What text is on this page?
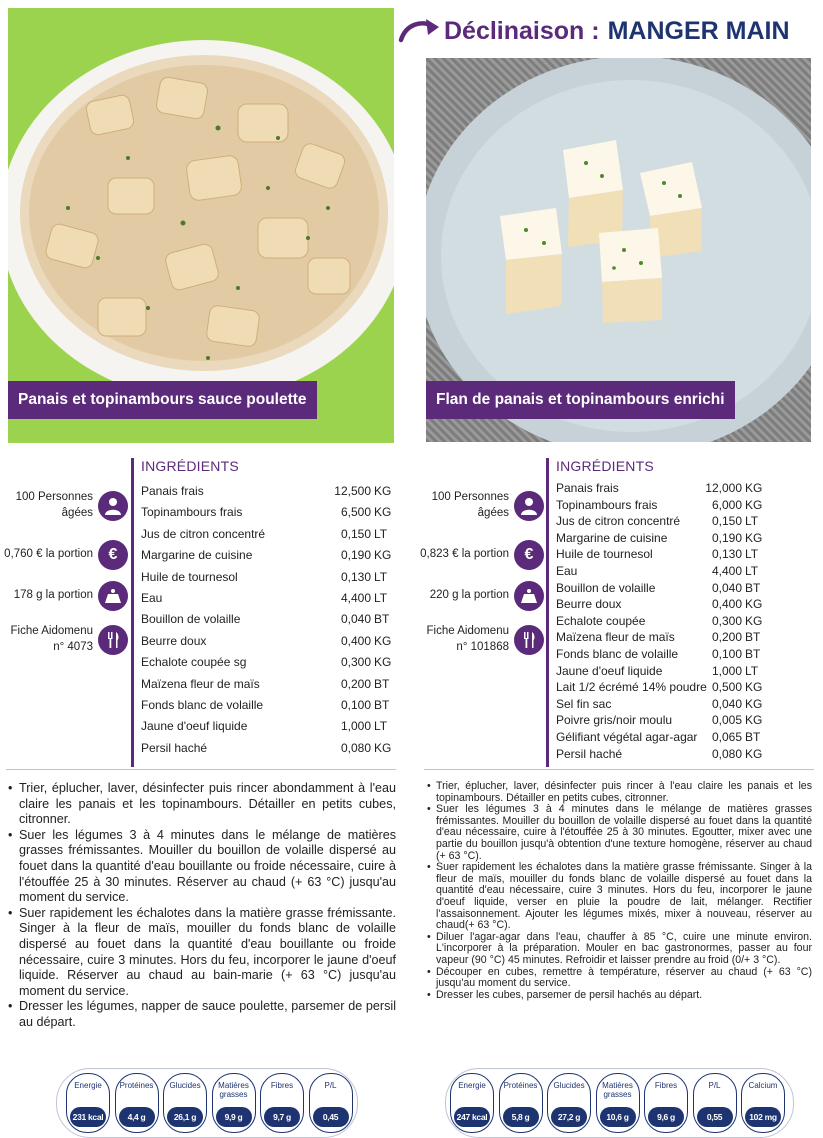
Déclinaison : MANGER MAIN
Panais et topinambours sauce poulette	Flan de panais et topinambours enrichi
100 Personnes âgées
0,760 € la portion €
178 g la portion
Fiche Aidomenu n° 4073
INGRÉDIENTS
Panais frais	12,500 KG
Topinambours frais	6,500 KG
Jus de citron concentré	0,150 LT
Margarine de cuisine	0,190 KG
Huile de tournesol	0,130 LT
Eau	4,400 LT
Bouillon de volaille	0,040 BT
Beurre doux	0,400 KG
Echalote coupée sg	0,300 KG
Maïzena fleur de maïs	0,200 BT
Fonds blanc de volaille	0,100 BT
Jaune d'oeuf liquide	1,000 LT
Persil haché	0,080 KG
100 Personnes âgées
0,823 € la portion €
220 g la portion
Fiche Aidomenu n° 101868
INGRÉDIENTS
Panais frais	12,000 KG
Topinambours frais	6,000 KG
Jus de citron concentré	0,150 LT
Margarine de cuisine	0,190 KG
Huile de tournesol	0,130 LT
Eau	4,400 LT
Bouillon de volaille	0,040 BT
Beurre doux	0,400 KG
Echalote coupée	0,300 KG
Maïzena fleur de maïs	0,200 BT
Fonds blanc de volaille	0,100 BT
Jaune d'oeuf liquide	1,000 LT
Lait 1/2 écrémé 14% poudre 0,500 KG
Sel fin sac	0,040 KG
Poivre gris/noir moulu	0,005 KG
Gélifiant végétal agar-agar 0,065 BT
Persil haché	0,080 KG
• Trier, éplucher, laver, désinfecter puis rincer abondamment à l'eau claire les panais et les topinambours. Détailler en petits cubes, citronner.
• Suer les légumes 3 à 4 minutes dans le mélange de matières grasses frémissantes. Mouiller du bouillon de volaille dispersé au fouet dans la quantité d'eau bouillante ou froide nécessaire, cuire à l'étouffée 25 à 30 minutes. Réserver au chaud (+ 63 °C) jusqu'au moment du service.
• Suer rapidement les échalotes dans la matière grasse frémissante. Singer à la fleur de maïs, mouiller du fonds blanc de volaille dispersé au fouet dans la quantité d'eau bouillante ou froide nécessaire, cuire 3 minutes. Hors du feu, incorporer le jaune d'oeuf liquide. Réserver au chaud au bain-marie (+ 63 °C) jusqu'au moment du service.
• Dresser les légumes, napper de sauce poulette, parsemer de persil au départ.
• Trier, éplucher, laver, désinfecter puis rincer à l'eau claire les panais et les topinambours. Détailler en petits cubes, citronner.
• Suer les légumes 3 à 4 minutes dans le mélange de matières grasses frémissantes. Mouiller du bouillon de volaille dispersé au fouet dans la quantité d'eau nécessaire, cuire à l'étouffée 25 à 30 minutes. Egoutter, mixer avec une partie du bouillon jusqu'à obtention d'une texture homogène, réserver au chaud (+ 63 °C).
• Suer rapidement les échalotes dans la matière grasse frémissante. Singer à la fleur de maïs, mouiller du fonds blanc de volaille dispersé au fouet dans la quantité d'eau nécessaire, cuire 3 minutes. Hors du feu, incorporer le jaune d'oeuf liquide, verser en pluie la poudre de lait, mélanger. Rectifier l'assaisonnement. Ajouter les légumes mixés, mixer à nouveau, réserver au chaud(+ 63 °C).
• Diluer l'agar-agar dans l'eau, chauffer à 85 °C, cuire une minute environ. L'incorporer à la préparation. Mouler en bac gastronormes, passer au four vapeur (90 °C) 45 minutes. Refroidir et laisser prendre au froid (0/+ 3 °C).
• Découper en cubes, remettre à température, réserver au chaud (+ 63 °C) jusqu'au moment du service.
• Dresser les cubes, parsemer de persil hachés au départ.
Energie
231 kcal
Protéines
4,4 g
Glucides
26,1 g
Matières grasses
9,9 g
Fibres
9,7 g
P/L
0,45
Energie
247 kcal
Protéines
5,8 g
Glucides
27,2 g
Matières grasses
10,6 g
Fibres
9,6 g
P/L
0,55
Calcium
102 mg
